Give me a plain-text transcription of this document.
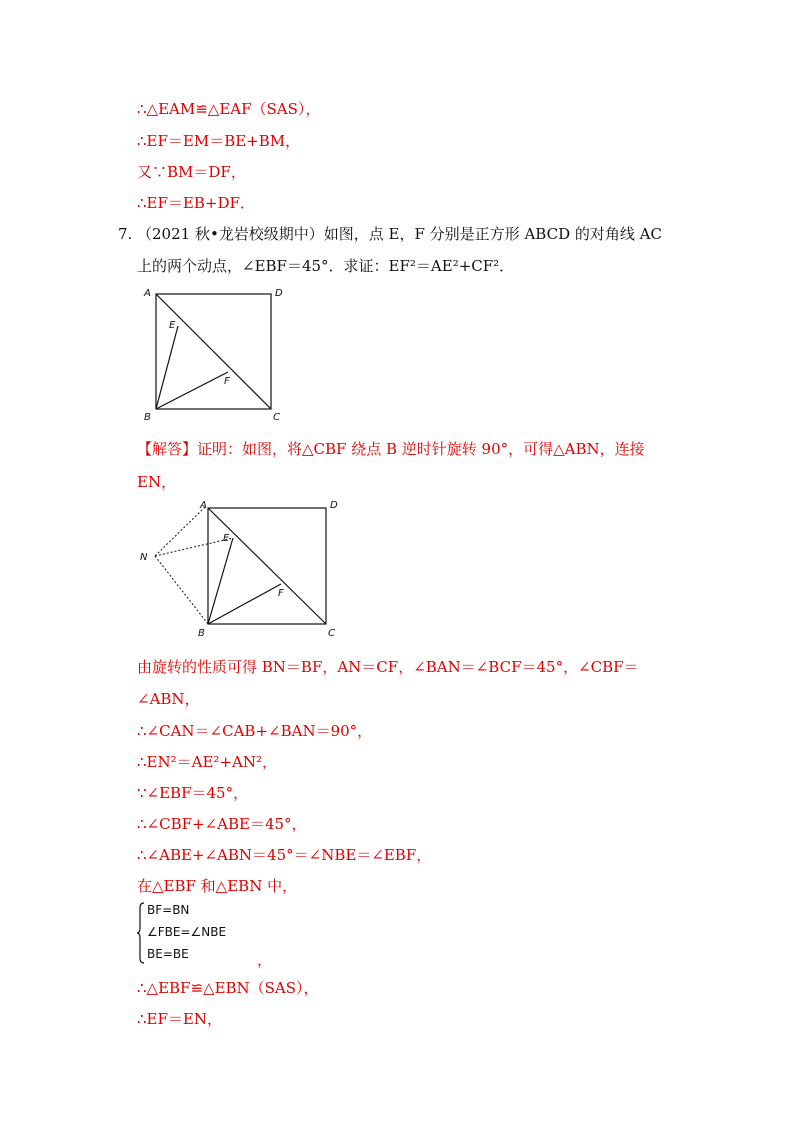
∴△EAM≌△EAF（SAS），
∴EF＝EM＝BE+BM，
又∵BM＝DF，
∴EF＝EB+DF．
7. （2021 秋•龙岩校级期中）如图，点 E，F 分别是正方形 ABCD 的对角线 AC
上的两个动点，∠EBF＝45°．求证：EF²＝AE²+CF²．
A	D
B	C
E
F
【解答】证明：如图，将△CBF 绕点 B 逆时针旋转 90°，可得△ABN，连接
EN，
A	D
B	C
E
F
N
由旋转的性质可得 BN＝BF，AN＝CF，∠BAN＝∠BCF＝45°，∠CBF＝
∠ABN，
∴∠CAN＝∠CAB+∠BAN＝90°，
∴EN²＝AE²+AN²，
∵∠EBF＝45°，
∴∠CBF+∠ABE＝45°，
∴∠ABE+∠ABN＝45°＝∠NBE＝∠EBF，
在△EBF 和△EBN 中，
BF=BN
∠FBE=∠NBE
BE=BE	，
∴△EBF≌△EBN（SAS），
∴EF＝EN，
